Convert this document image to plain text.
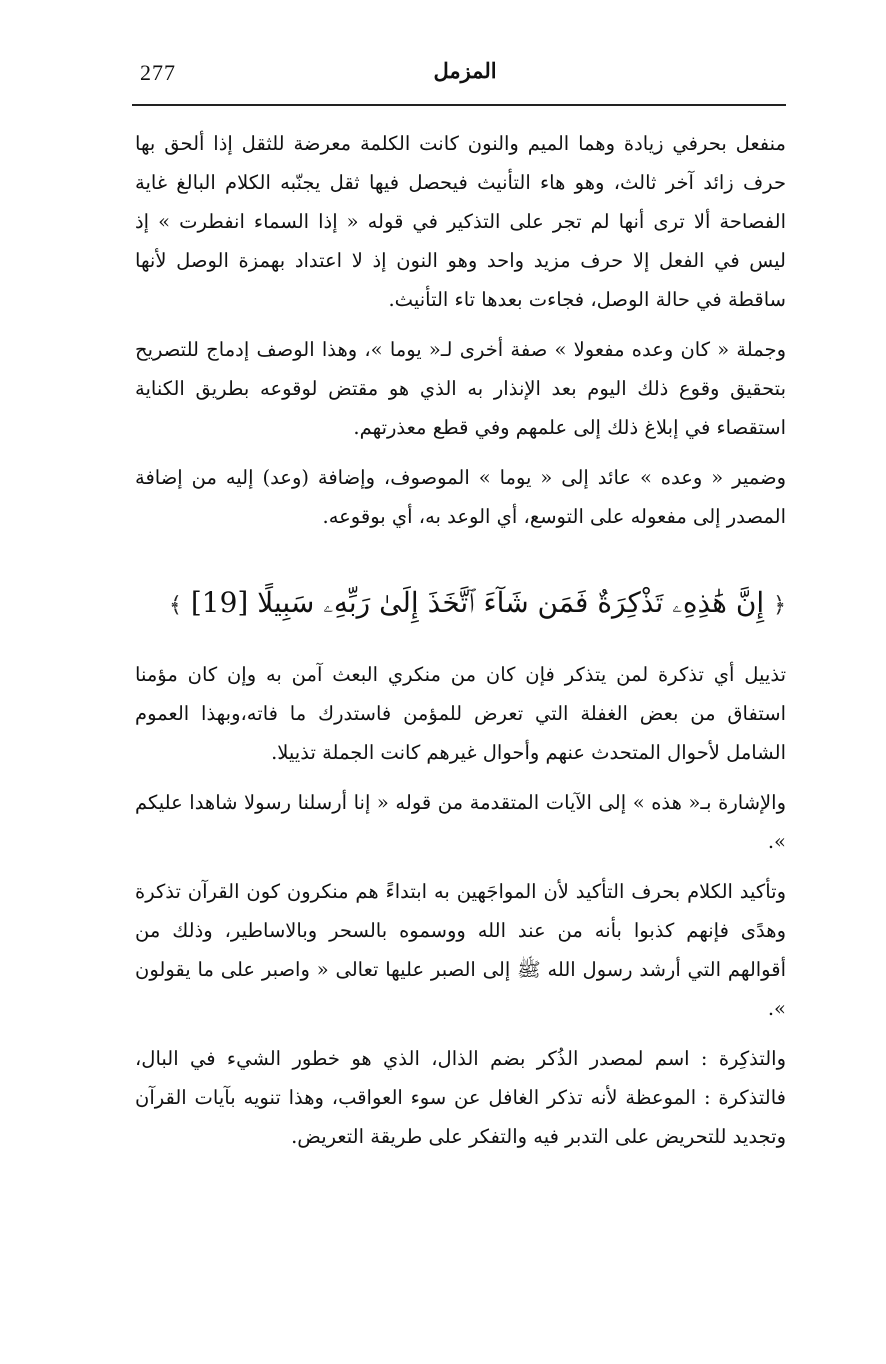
277	المزمل

منفعل بحرفي زيادة وهما الميم والنون كانت الكلمة معرضة للثقل إذا ألحق بها حرف زائد آخر ثالث، وهو هاء التأنيث فيحصل فيها ثقل يجنّبه الكلام البالغ غاية الفصاحة ألا ترى أنها لم تجر على التذكير في قوله « إذا السماء انفطرت » إذ ليس في الفعل إلا حرف مزيد واحد وهو النون إذ لا اعتداد بهمزة الوصل لأنها ساقطة في حالة الوصل، فجاءت بعدها تاء التأنيث.

وجملة « كان وعده مفعولا » صفة أخرى لـ« يوما »، وهذا الوصف إدماج للتصريح بتحقيق وقوع ذلك اليوم بعد الإنذار به الذي هو مقتض لوقوعه بطريق الكناية استقصاء في إبلاغ ذلك إلى علمهم وفي قطع معذرتهم.

وضمير « وعده » عائد إلى « يوما » الموصوف، وإضافة (وعد) إليه من إضافة المصدر إلى مفعوله على التوسع، أي الوعد به، أي بوقوعه.

﴿ إِنَّ هَٰذِهِۦ تَذْكِرَةٌ فَمَن شَآءَ ٱتَّخَذَ إِلَىٰ رَبِّهِۦ سَبِيلًا [19] ﴾

تذييل أي تذكرة لمن يتذكر فإن كان من منكري البعث آمن به وإن كان مؤمنا استفاق من بعض الغفلة التي تعرض للمؤمن فاستدرك ما فاته،وبهذا العموم الشامل لأحوال المتحدث عنهم وأحوال غيرهم كانت الجملة تذييلا.

والإشارة بـ« هذه » إلى الآيات المتقدمة من قوله « إنا أرسلنا رسولا شاهدا عليكم ».

وتأكيد الكلام بحرف التأكيد لأن المواجَهين به ابتداءً هم منكرون كون القرآن تذكرة وهدًى فإنهم كذبوا بأنه من عند الله ووسموه بالسحر وبالاساطير، وذلك من أقوالهم التي أرشد رسول الله ﷺ إلى الصبر عليها تعالى « واصبر على ما يقولون ».

والتذكِرة : اسم لمصدر الذُكر بضم الذال، الذي هو خطور الشيء في البال، فالتذكرة : الموعظة لأنه تذكر الغافل عن سوء العواقب، وهذا تنويه بآيات القرآن وتجديد للتحريض على التدبر فيه والتفكر على طريقة التعريض.
